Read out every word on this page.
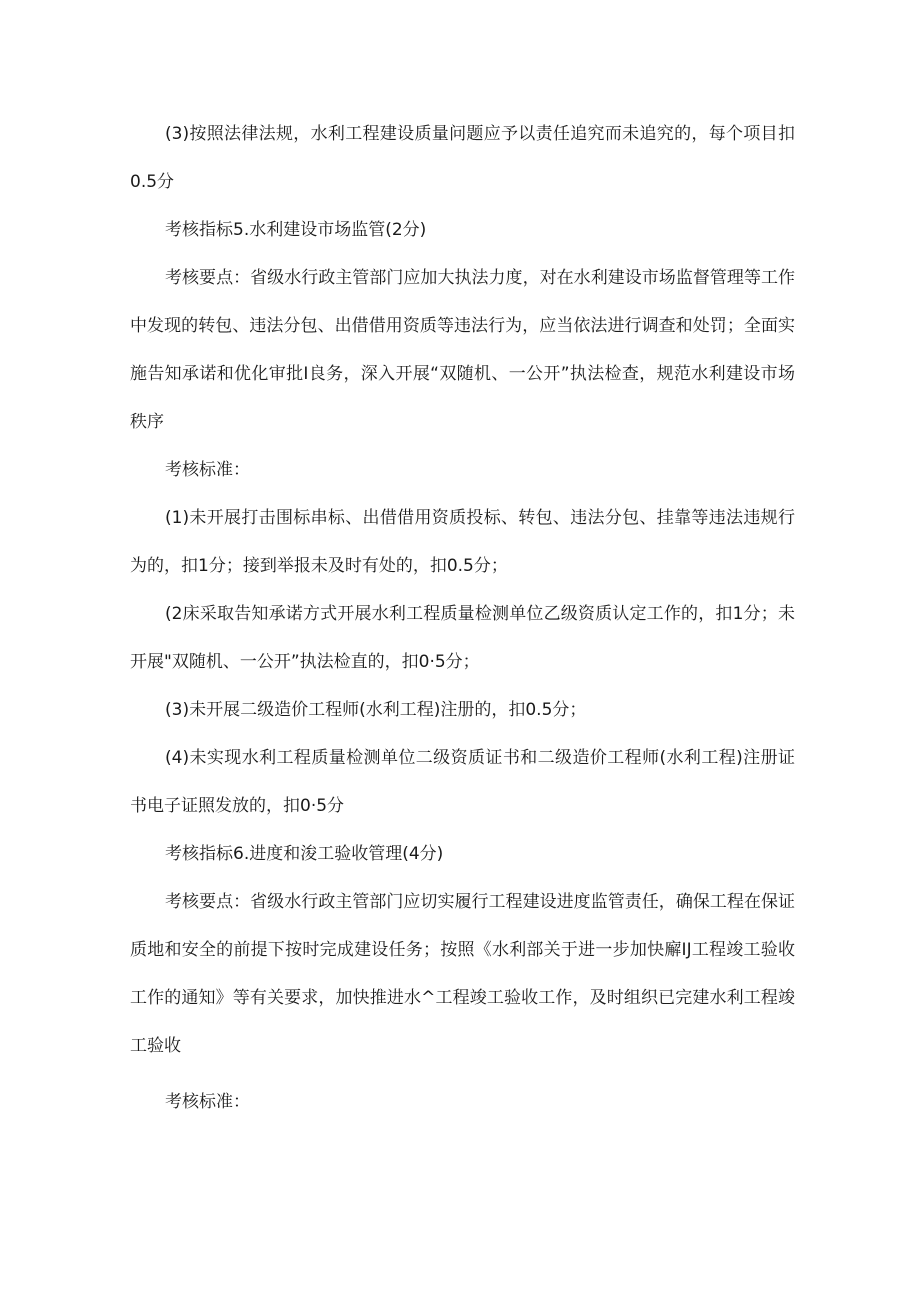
(3)按照法律法规，水利工程建设质量问题应予以责任追究而未追究的，每个项目扣0.5分

考核指标5.水利建设市场监管(2分)

考核要点：省级水行政主管部门应加大执法力度，对在水利建设市场监督管理等工作中发现的转包、违法分包、出借借用资质等违法行为，应当依法进行调查和处罚；全面实施告知承诺和优化审批I良务，深入开展“双随机、一公开”执法检查，规范水利建设市场秩序

考核标准：

(1)未开展打击围标串标、出借借用资质投标、转包、违法分包、挂靠等违法违规行为的，扣1分；接到举报未及时有处的，扣0.5分；

(2床采取告知承诺方式开展水利工程质量检测单位乙级资质认定工作的，扣1分；未开展"双随机、一公开”执法检直的，扣0·5分；

(3)未开展二级造价工程师(水利工程)注册的，扣0.5分；

(4)未实现水利工程质量检测单位二级资质证书和二级造价工程师(水利工程)注册证书电子证照发放的，扣0·5分

考核指标6.进度和浚工验收管理(4分)

考核要点：省级水行政主管部门应切实履行工程建设进度监管责任，确保工程在保证质地和安全的前提下按时完成建设任务；按照《水利部关于进一步加快廨IJ工程竣工验收工作的通知》等有关要求，加快推进水^工程竣工验收工作，及时组织已完建水利工程竣工验收

考核标准：
